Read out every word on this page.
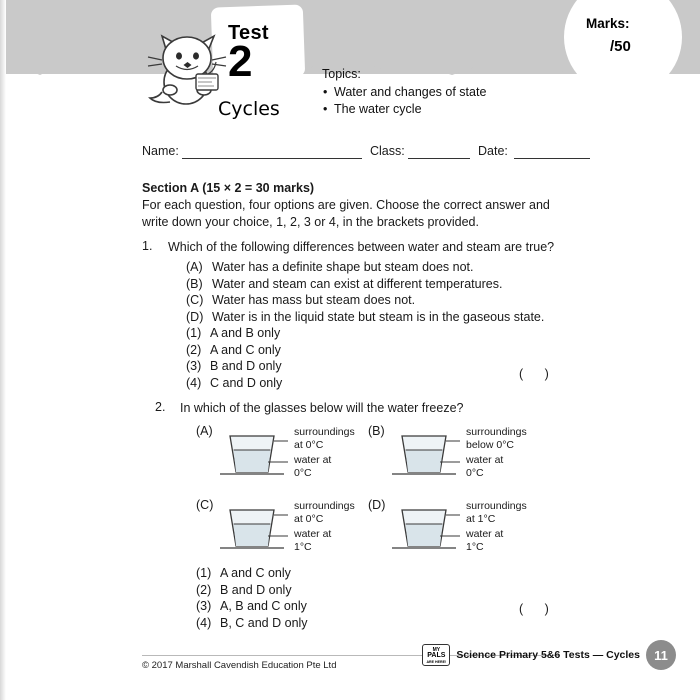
Marks:
/50
Test
2
Cycles
Topics:
• Water and changes of state
• The water cycle
Name:	Class:	Date:
Section A (15 × 2 = 30 marks)
For each question, four options are given. Choose the correct answer and write down your choice, 1, 2, 3 or 4, in the brackets provided.
1. Which of the following differences between water and steam are true?
(A) Water has a definite shape but steam does not.
(B) Water and steam can exist at different temperatures.
(C) Water has mass but steam does not.
(D) Water is in the liquid state but steam is in the gaseous state.
(1) A and B only
(2) A and C only
(3) B and D only
(4) C and D only
( )
2. In which of the glasses below will the water freeze?
(A)	surroundings
at 0°C
water at
0°C
(B)	surroundings
below 0°C
water at
0°C
(C)	surroundings
at 0°C
water at
1°C
(D)	surroundings
at 1°C
water at
1°C
(1) A and C only
(2) B and D only
(3) A, B and C only
(4) B, C and D only
( )
© 2017 Marshall Cavendish Education Pte Ltd
MY
PALS
ARE HERE!
Science Primary 5&6 Tests — Cycles	11
